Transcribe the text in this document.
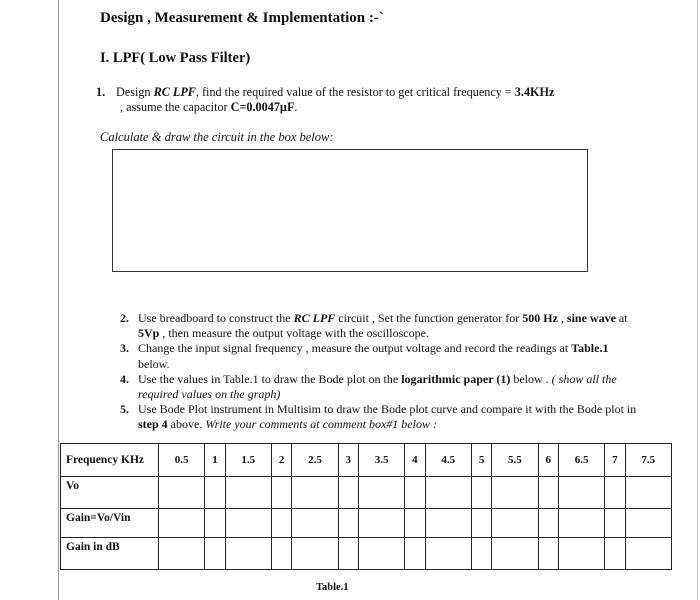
Design , Measurement & Implementation :-`
I. LPF( Low Pass Filter)
1. Design RC LPF, find the required value of the resistor to get critical frequency = 3.4KHz
, assume the capacitor C=0.0047µF.
Calculate & draw the circuit in the box below:
2. Use breadboard to construct the RC LPF circuit , Set the function generator for 500 Hz , sine wave at 5Vp , then measure the output voltage with the oscilloscope.
3. Change the input signal frequency , measure the output voltage and record the readings at Table.1 below.
4. Use the values in Table.1 to draw the Bode plot on the logarithmic paper (1) below . ( show all the required values on the graph)
5. Use Bode Plot instrument in Multisim to draw the Bode plot curve and compare it with the Bode plot in step 4 above. Write your comments at comment box#1 below :
Frequency KHz	0.5	1	1.5	2	2.5	3	3.5	4	4.5	5	5.5	6	6.5	7	7.5
Vo															
Gain=Vo/Vin															
Gain in dB															
Table.1
